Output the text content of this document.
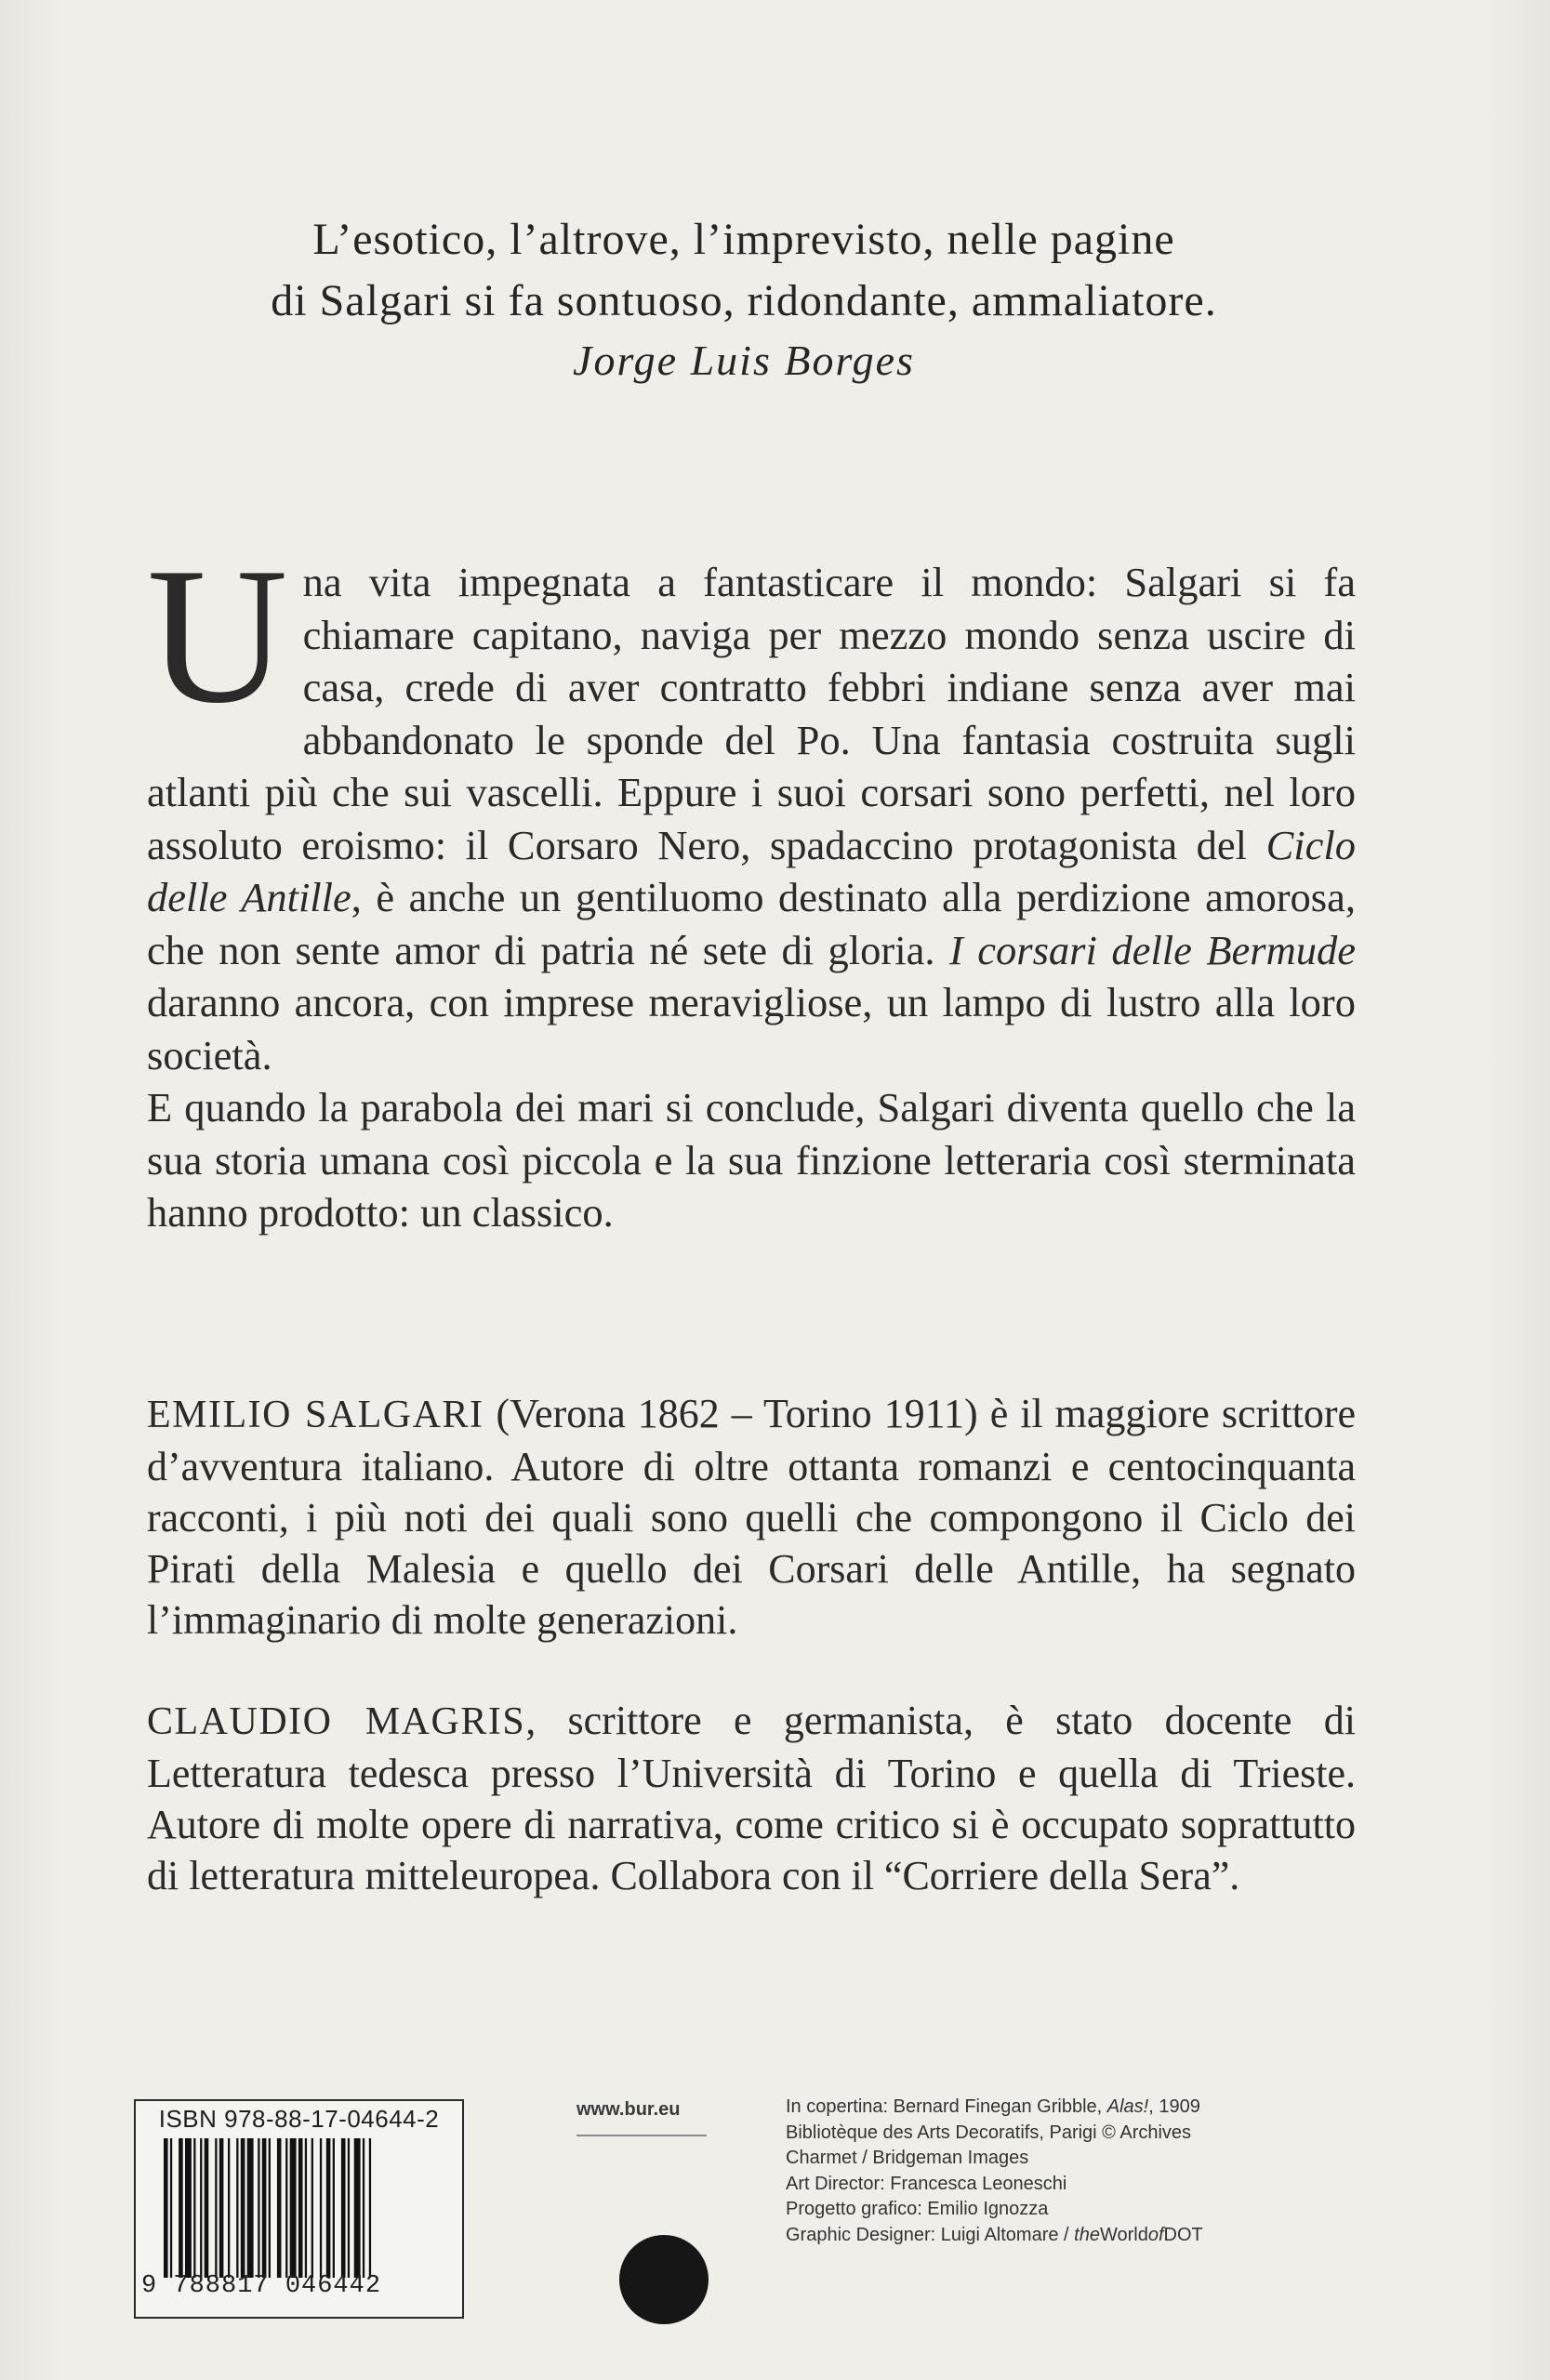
L’esotico, l’altrove, l’imprevisto, nelle pagine
di Salgari si fa sontuoso, ridondante, ammaliatore.
Jorge Luis Borges

Una vita impegnata a fantasticare il mondo: Salgari si fa chiamare capitano, naviga per mezzo mondo senza uscire di casa, crede di aver contratto febbri indiane senza aver mai abbandonato le sponde del Po. Una fantasia costruita sugli atlanti più che sui vascelli. Eppure i suoi corsari sono perfetti, nel loro assoluto eroismo: il Corsaro Nero, spadaccino protagonista del Ciclo delle Antille, è anche un gentiluomo destinato alla perdizione amorosa, che non sente amor di patria né sete di gloria. I corsari delle Bermude daranno ancora, con imprese meravigliose, un lampo di lustro alla loro società.

E quando la parabola dei mari si conclude, Salgari diventa quello che la sua storia umana così piccola e la sua finzione letteraria così sterminata hanno prodotto: un classico.

EMILIO SALGARI (Verona 1862 – Torino 1911) è il maggiore scrittore d’avventura italiano. Autore di oltre ottanta romanzi e centocinquanta racconti, i più noti dei quali sono quelli che compongono il Ciclo dei Pirati della Malesia e quello dei Corsari delle Antille, ha segnato l’immaginario di molte generazioni.
CLAUDIO MAGRIS, scrittore e germanista, è stato docente di Letteratura tedesca presso l’Università di Torino e quella di Trieste. Autore di molte opere di narrativa, come critico si è occupato soprattutto di letteratura mitteleuropea. Collabora con il “Corriere della Sera”.
ISBN 978-88-17-04644-2
9 788817 046442
www.bur.eu	In copertina: Bernard Finegan Gribble, Alas!, 1909
Bibliotèque des Arts Decoratifs, Parigi © Archives
Charmet / Bridgeman Images
Art Director: Francesca Leoneschi
Progetto grafico: Emilio Ignozza
Graphic Designer: Luigi Altomare / theWorldofDOT
